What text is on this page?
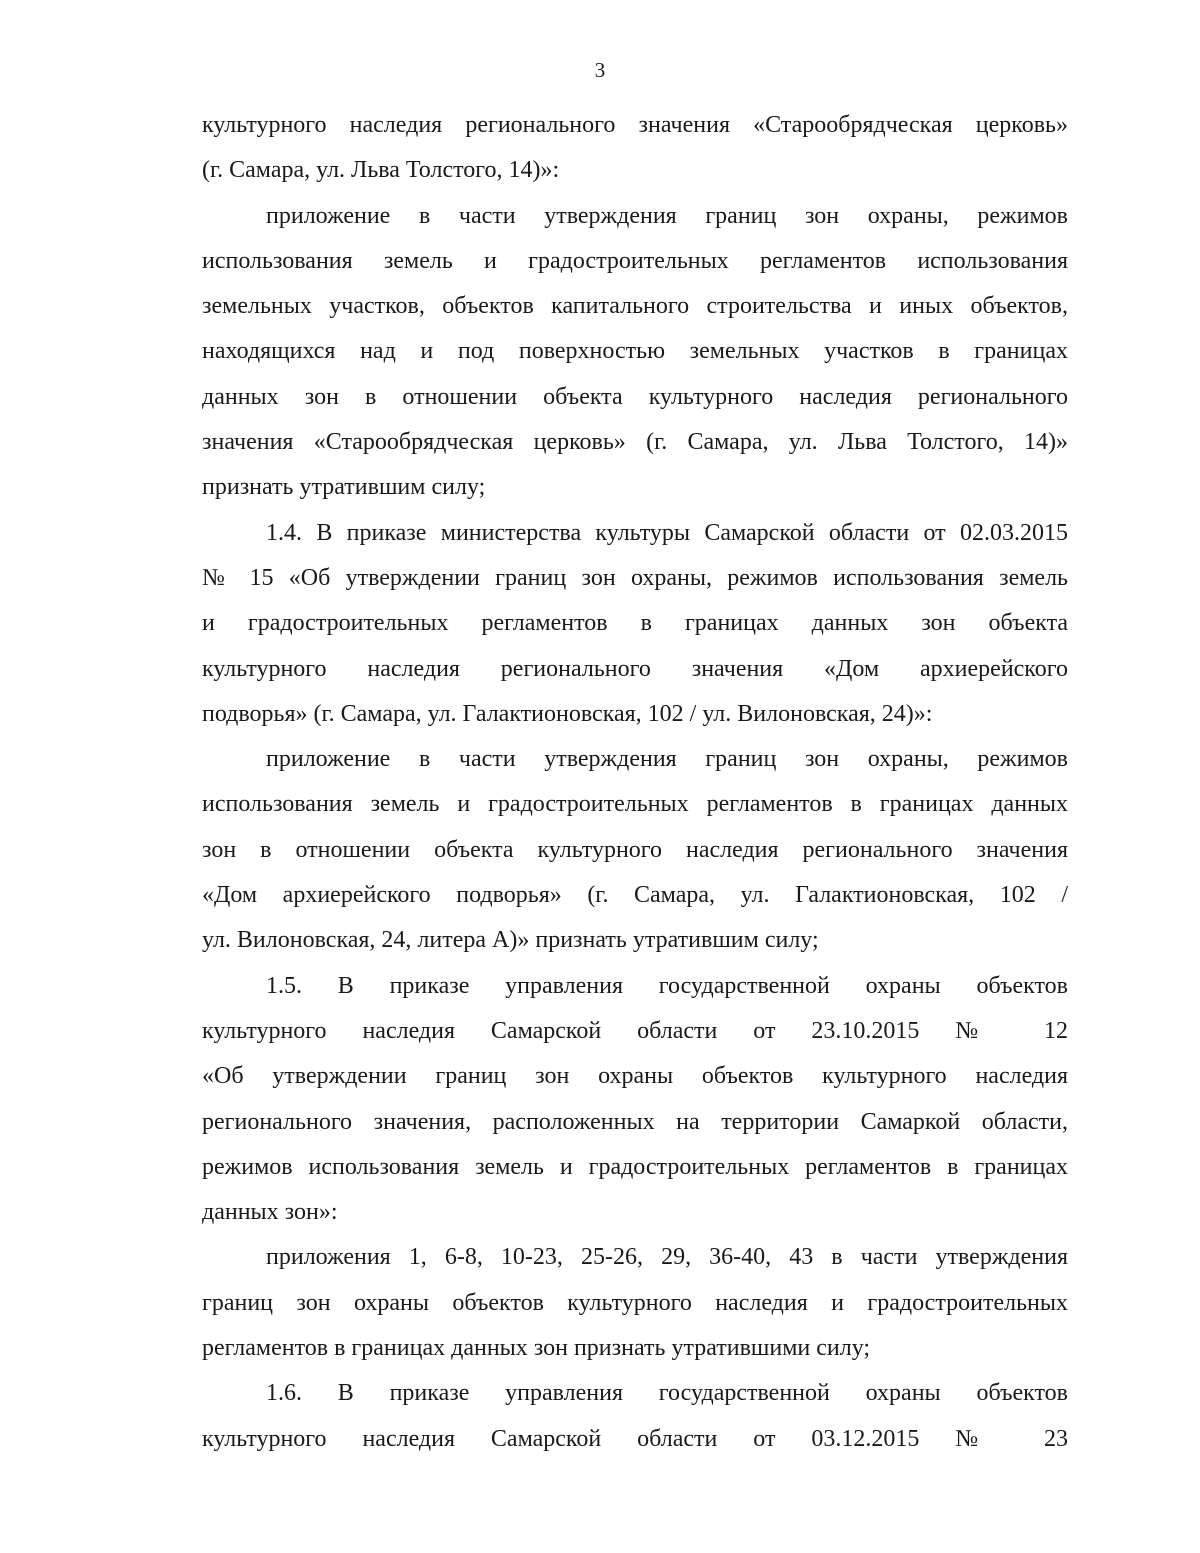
3
культурного наследия регионального значения «Старообрядческая церковь»
(г. Самара, ул. Льва Толстого, 14)»:
приложение в части утверждения границ зон охраны, режимов
использования земель и градостроительных регламентов использования
земельных участков, объектов капитального строительства и иных объектов,
находящихся над и под поверхностью земельных участков в границах
данных зон в отношении объекта культурного наследия регионального
значения «Старообрядческая церковь» (г. Самара, ул. Льва Толстого, 14)»
признать утратившим силу;
1.4. В приказе министерства культуры Самарской области от 02.03.2015
№ 15 «Об утверждении границ зон охраны, режимов использования земель
и градостроительных регламентов в границах данных зон объекта
культурного наследия регионального значения «Дом архиерейского
подворья» (г. Самара, ул. Галактионовская, 102 / ул. Вилоновская, 24)»:
приложение в части утверждения границ зон охраны, режимов
использования земель и градостроительных регламентов в границах данных
зон в отношении объекта культурного наследия регионального значения
«Дом архиерейского подворья» (г. Самара, ул. Галактионовская, 102 /
ул. Вилоновская, 24, литера А)» признать утратившим силу;
1.5. В приказе управления государственной охраны объектов
культурного наследия Самарской области от 23.10.2015 № 12
«Об утверждении границ зон охраны объектов культурного наследия
регионального значения, расположенных на территории Самаркой области,
режимов использования земель и градостроительных регламентов в границах
данных зон»:
приложения 1, 6-8, 10-23, 25-26, 29, 36-40, 43 в части утверждения
границ зон охраны объектов культурного наследия и градостроительных
регламентов в границах данных зон признать утратившими силу;
1.6. В приказе управления государственной охраны объектов
культурного наследия Самарской области от 03.12.2015 № 23
